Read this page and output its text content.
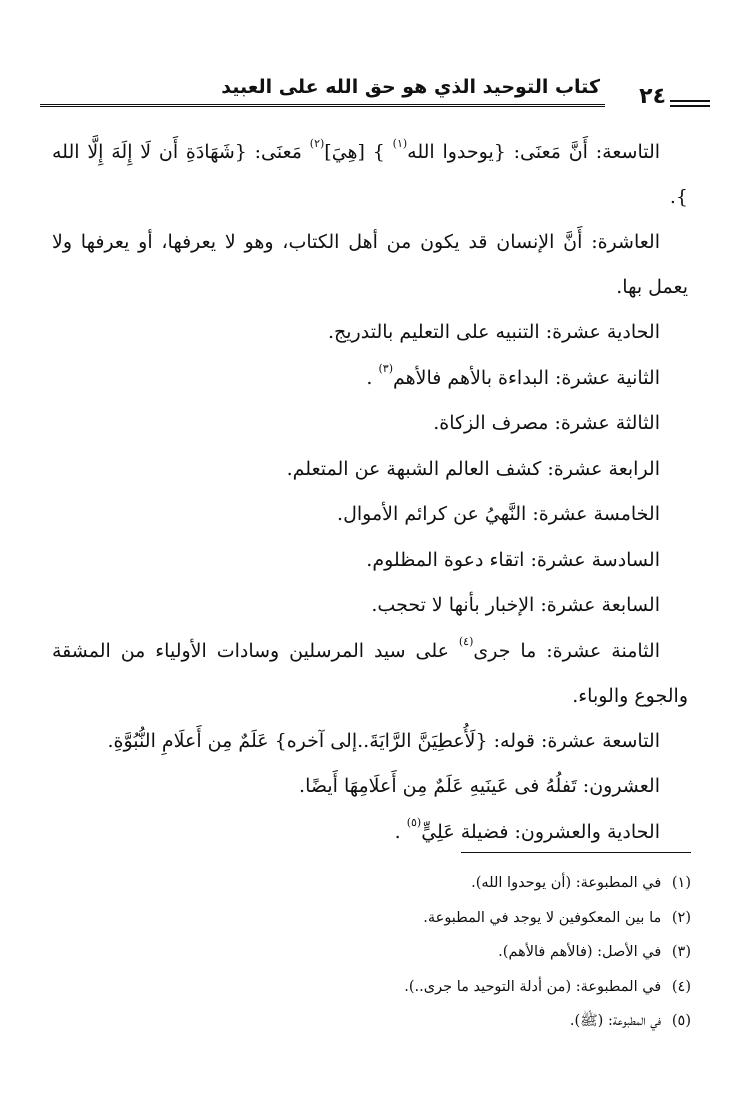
كتاب التوحيد الذي هو حق الله على العبيد ٢٤

التاسعة: أَنَّ مَعنَى: {يوحدوا الله$^{(١)}$ } [هِيَ]$^{(٢)}$ مَعنَى: {شَهَادَةِ أَن لَا إِلَهَ إِلَّا الله }.

العاشرة: أَنَّ الإنسان قد يكون من أهل الكتاب، وهو لا يعرفها، أو يعرفها ولا يعمل بها.

الحادية عشرة: التنبيه على التعليم بالتدريج.

الثانية عشرة: البداءة بالأهم فالأهم$^{(٣)}$ .

الثالثة عشرة: مصرف الزكاة.

الرابعة عشرة: كشف العالم الشبهة عن المتعلم.

الخامسة عشرة: النَّهيُ عن كرائم الأموال.

السادسة عشرة: اتقاء دعوة المظلوم.

السابعة عشرة: الإخبار بأنها لا تحجب.

الثامنة عشرة: ما جرى$^{(٤)}$ على سيد المرسلين وسادات الأولياء من المشقة والجوع والوباء.

التاسعة عشرة: قوله: {لَأُعطِيَنَّ الرَّايَةَ..إلى آخره} عَلَمٌ مِن أَعلَامِ النُّبُوَّةِ.

العشرون: تَفلُهُ فى عَينَيهِ عَلَمٌ مِن أَعلَامِهَا أَيضًا.

الحادية والعشرون: فضيلة عَلِيٍّ$^{(٥)}$ .

(١) في المطبوعة: (أن يوحدوا الله).

(٢) ما بين المعكوفين لا يوجد في المطبوعة.

(٣) في الأصل: (فالأهم فالأهم).

(٤) في المطبوعة: (من أدلة التوحيد ما جرى..).

(٥) في المطبوعة: (ﷺ).
